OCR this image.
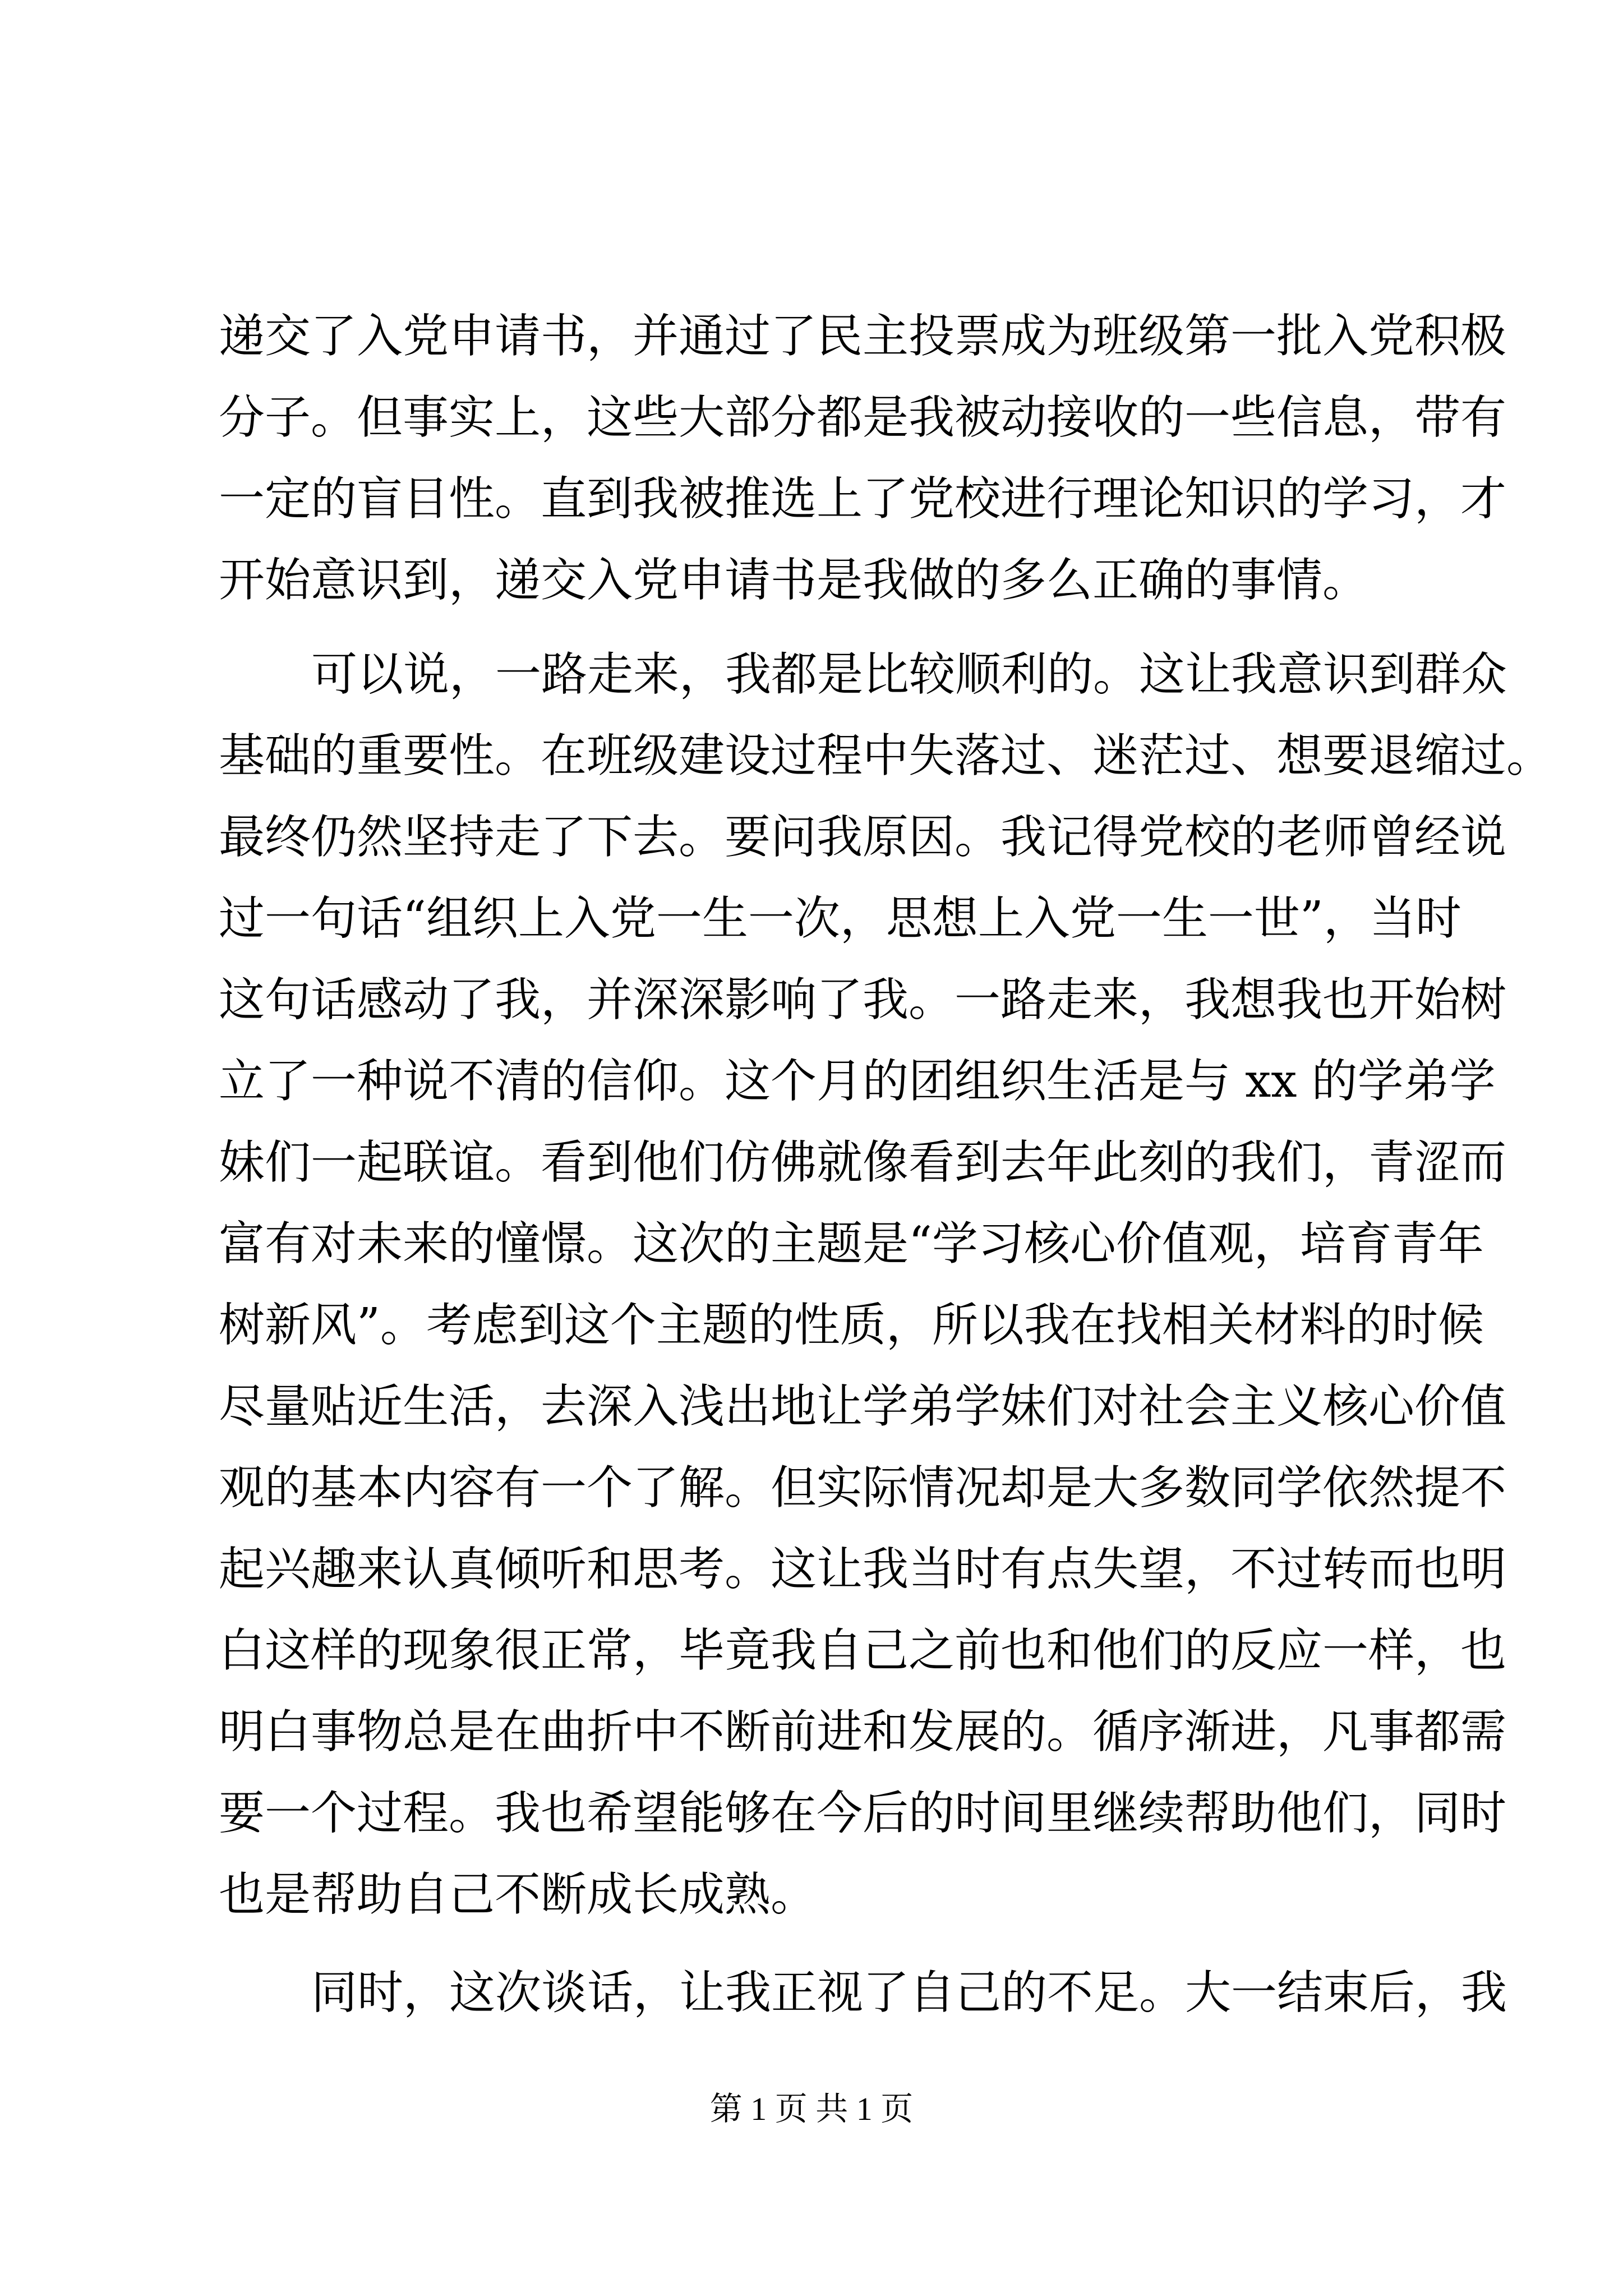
递交了入党申请书，并通过了民主投票成为班级第一批入党积极
分子。但事实上，这些大部分都是我被动接收的一些信息，带有
一定的盲目性。直到我被推选上了党校进行理论知识的学习，才
开始意识到，递交入党申请书是我做的多么正确的事情。
可以说，一路走来，我都是比较顺利的。这让我意识到群众
基础的重要性。在班级建设过程中失落过、迷茫过、想要退缩过。
最终仍然坚持走了下去。要问我原因。我记得党校的老师曾经说
过一句话“组织上入党一生一次，思想上入党一生一世”，当时
这句话感动了我，并深深影响了我。一路走来，我想我也开始树
立了一种说不清的信仰。这个月的团组织生活是与 xx 的学弟学
妹们一起联谊。看到他们仿佛就像看到去年此刻的我们，青涩而
富有对未来的憧憬。这次的主题是“学习核心价值观，培育青年
树新风”。考虑到这个主题的性质，所以我在找相关材料的时候
尽量贴近生活，去深入浅出地让学弟学妹们对社会主义核心价值
观的基本内容有一个了解。但实际情况却是大多数同学依然提不
起兴趣来认真倾听和思考。这让我当时有点失望，不过转而也明
白这样的现象很正常，毕竟我自己之前也和他们的反应一样，也
明白事物总是在曲折中不断前进和发展的。循序渐进，凡事都需
要一个过程。我也希望能够在今后的时间里继续帮助他们，同时
也是帮助自己不断成长成熟。
同时，这次谈话，让我正视了自己的不足。大一结束后，我
第 1 页 共 1 页
